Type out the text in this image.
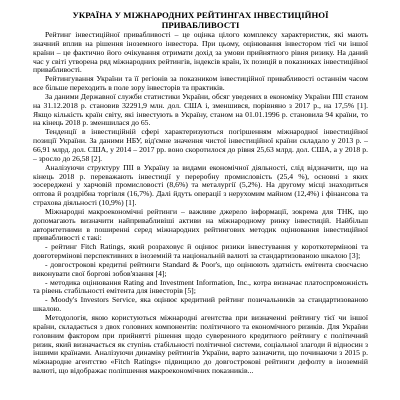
УКРАЇНА У МІЖНАРОДНИХ РЕЙТИНГАХ ІНВЕСТИЦІЙНОЇ ПРИВАБЛИВОСТІ

Рейтинг інвестиційної привабливості – це оцінка цілого комплексу характеристик, які мають значний вплив на рішення іноземного інвестора. При цьому, оцінювання інвестором тієї чи іншої країни – це фактично його очікування отримати дохід за умови прийнятного рівня ризику. На даний час у світі утворена ряд міжнародних рейтингів, індексів країн, їх позицій в показниках інвестиційної привабливості.

Рейтингування України та її регіонів за показником інвестиційної привабливості останнім часом все більше переходить в поле зору інвесторів та практиків.

За даними Державної служби статистики України, обсяг уведених в економіку України ПІІ станом на 31.12.2018 р. становив 32291,9 млн. дол. США і, зменшився, порівняно з 2017 р., на 17,5% [1]. Якщо кількість країн світу, які інвестують в Україну, станом на 01.01.1996 р. становила 94 країни, то на кінець 2018 р. зменшилася до 65.

Тенденції в інвестиційній сфері характеризуються погіршенням міжнародної інвестиційної позиції України. За даними НБУ, від'ємне значення чистої інвестиційної країни складало у 2013 р. – 66,91 млрд. дол. США, у 2014 – 2017 рр. воно скоротилося до рівня 25,63 млрд. дол. США, а у 2018 р. – зросло до 26,58 [2].

Аналізуючи структуру ПІІ в Україну за видами економічної діяльності, слід відзначити, що на кінець 2018 р. переважають інвестиції у переробну промисловість (25,4 %), основні з яких зосереджені у харчовій промисловості (8,6%) та металургії (5,2%). На другому місці знаходиться оптова й роздрібна торгівля (16,7%). Далі йдуть операції з нерухомим майном (12,4%) і фінансова та страхова діяльності (10,9%) [1].

Міжнародні макроекономічні рейтинги – важливе джерело інформації, зокрема для ТНК, що допомагають визначити найпривабливіші активи на міжнародному ринку інвестицій. Найбільш авторитетними в поширенні серед міжнародних рейтингових методик оцінювання інвестиційної привабливості є такі:

- рейтинг Fitch Ratings, який розраховує й оцінює ризики інвестування у короткотермінові та довготермінові перспективних в іноземній та національній валюті за стандартизованою шкалою [3];

- довгострокові кредитні рейтинги Standard & Poor's, що оцінюють здатність емітента своєчасно виконувати свої боргові зобов'язання [4];

- методика оцінювання Rating and Investment Information, Inc., котра визначає платоспроможність та рівень стабільності емітента для інвесторів [5];

- Moody's Investors Service, яка оцінює кредитний рейтинг позичальників за стандартизованою шкалою.

Методологія, якою користуються міжнародні агентства при визначенні рейтингу тієї чи іншої країни, складається з двох головних компонентів: політичного та економічного ризиків. Для України головним фактором при прийнятті рішення щодо суверенного кредитного рейтингу є політичний ризик, який визначається як ступінь стабільності політичної системи, соціальної злагоди й відносин з іншими країнами. Аналізуючи динаміку рейтингів України, варто зазначити, що починаючи з 2015 р. міжнародне агентство «Fitch Ratings» підвищило до довгострокові рейтинги дефолту в іноземній валюті, що відображає поліпшення макроекономічних показників...
